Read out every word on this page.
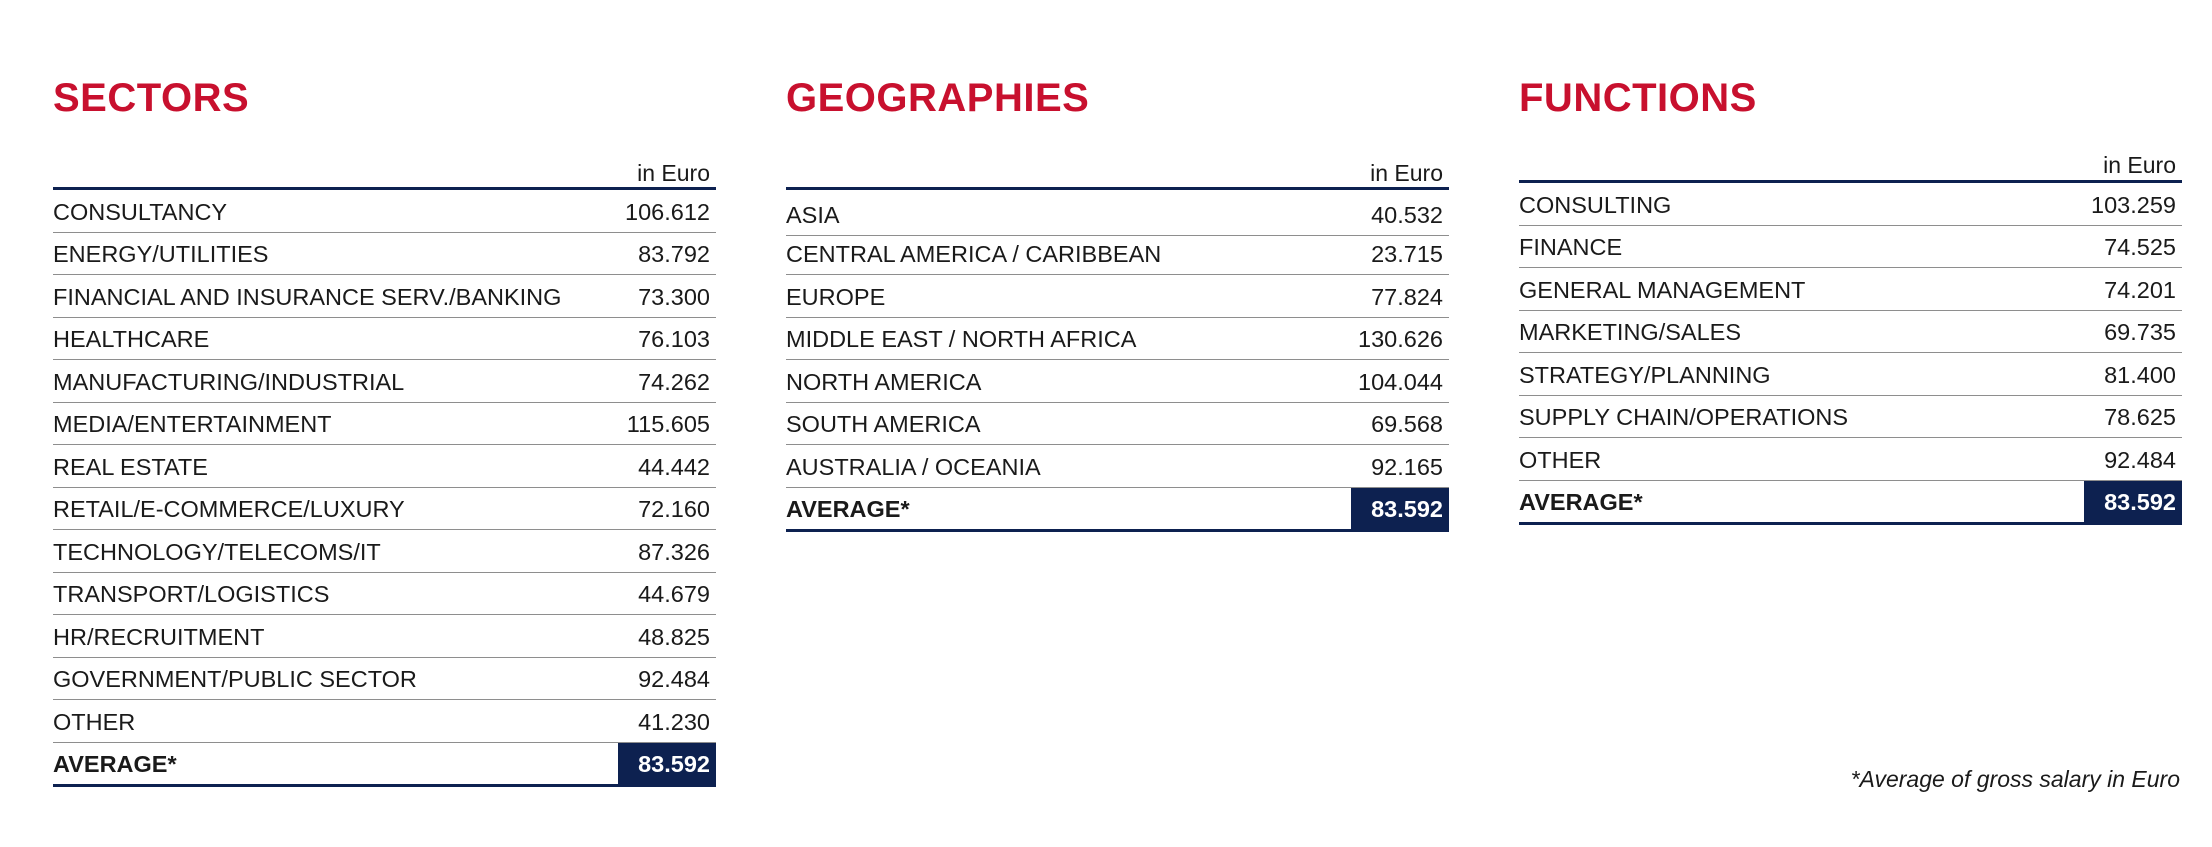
SECTORS
in Euro
CONSULTANCY	106.612
ENERGY/UTILITIES	83.792
FINANCIAL AND INSURANCE SERV./BANKING	73.300
HEALTHCARE	76.103
MANUFACTURING/INDUSTRIAL	74.262
MEDIA/ENTERTAINMENT	115.605
REAL ESTATE	44.442
RETAIL/E-COMMERCE/LUXURY	72.160
TECHNOLOGY/TELECOMS/IT	87.326
TRANSPORT/LOGISTICS	44.679
HR/RECRUITMENT	48.825
GOVERNMENT/PUBLIC SECTOR	92.484
OTHER	41.230
AVERAGE*	83.592
GEOGRAPHIES
in Euro
ASIA	40.532
CENTRAL AMERICA / CARIBBEAN	23.715
EUROPE	77.824
MIDDLE EAST / NORTH AFRICA	130.626
NORTH AMERICA	104.044
SOUTH AMERICA	69.568
AUSTRALIA / OCEANIA	92.165
AVERAGE*	83.592
FUNCTIONS
in Euro
CONSULTING	103.259
FINANCE	74.525
GENERAL MANAGEMENT	74.201
MARKETING/SALES	69.735
STRATEGY/PLANNING	81.400
SUPPLY CHAIN/OPERATIONS	78.625
OTHER	92.484
AVERAGE*	83.592
*Average of gross salary in Euro
